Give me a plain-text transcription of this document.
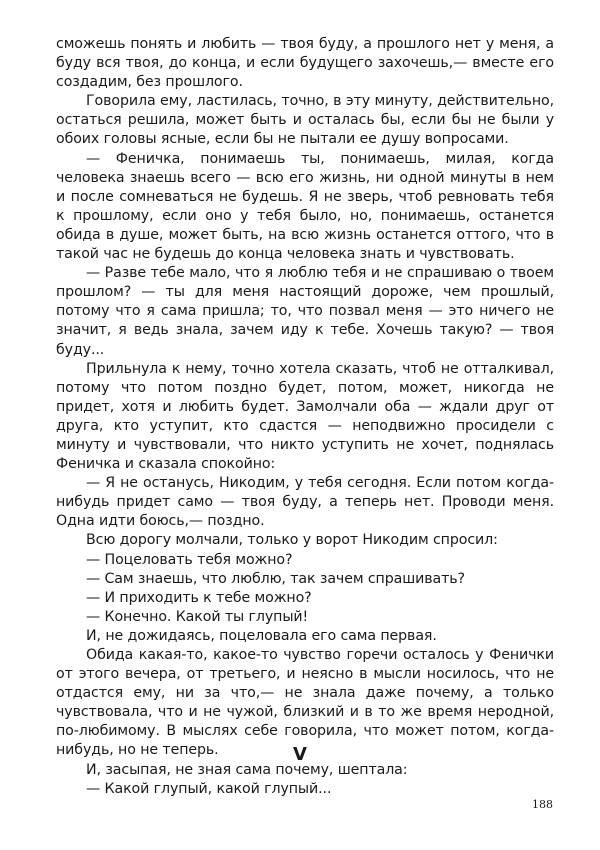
сможешь понять и любить — твоя буду, а прошлого нет у меня, а буду вся твоя, до конца, и если будущего захочешь,— вместе его создадим, без прошлого.

Говорила ему, ластилась, точно, в эту минуту, действительно, остаться решила, может быть и осталась бы, если бы не были у обоих головы ясные, если бы не пытали ее душу вопросами.

— Феничка, понимаешь ты, понимаешь, милая, когда человека знаешь всего — всю его жизнь, ни одной минуты в нем и после сомневаться не будешь. Я не зверь, чтоб ревновать тебя к прошлому, если оно у тебя было, но, понимаешь, останется обида в душе, может быть, на всю жизнь останется оттого, что в такой час не будешь до конца человека знать и чувствовать.

— Разве тебе мало, что я люблю тебя и не спрашиваю о твоем прошлом? — ты для меня настоящий дороже, чем прошлый, потому что я сама пришла; то, что позвал меня — это ничего не значит, я ведь знала, зачем иду к тебе. Хочешь такую? — твоя буду...

Прильнула к нему, точно хотела сказать, чтоб не отталкивал, потому что потом поздно будет, потом, может, никогда не придет, хотя и любить будет. Замолчали оба — ждали друг от друга, кто уступит, кто сдастся — неподвижно просидели с минуту и чувствовали, что никто уступить не хочет, поднялась Феничка и сказала спокойно:

— Я не останусь, Никодим, у тебя сегодня. Если потом когда-нибудь придет само — твоя буду, а теперь нет. Проводи меня. Одна идти боюсь,— поздно.

Всю дорогу молчали, только у ворот Никодим спросил:

— Поцеловать тебя можно?

— Сам знаешь, что люблю, так зачем спрашивать?

— И приходить к тебе можно?

— Конечно. Какой ты глупый!

И, не дожидаясь, поцеловала его сама первая.

Обида какая-то, какое-то чувство горечи осталось у Фенички от этого вечера, от третьего, и неясно в мысли носилось, что не отдастся ему, ни за что,— не знала даже почему, а только чувствовала, что и не чужой, близкий и в то же время неродной, по-любимому. В мыслях себе говорила, что может потом, когда-нибудь, но не теперь.

И, засыпая, не зная сама почему, шептала:

— Какой глупый, какой глупый...

V
188
